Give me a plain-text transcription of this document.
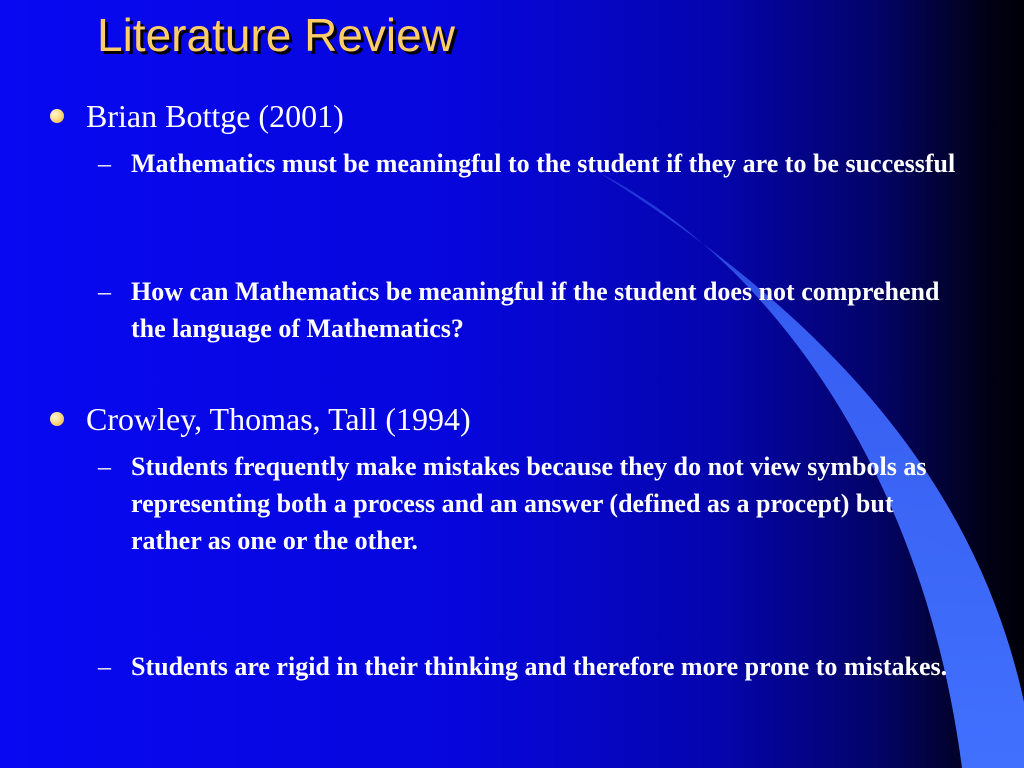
Literature Review

Brian Bottge (2001)

– Mathematics must be meaningful to the student if they are to be successful

– How can Mathematics be meaningful if the student does not comprehend the language of Mathematics?

Crowley, Thomas, Tall (1994)

– Students frequently make mistakes because they do not view symbols as representing both a process and an answer (defined as a procept) but rather as one or the other.

– Students are rigid in their thinking and therefore more prone to mistakes.
